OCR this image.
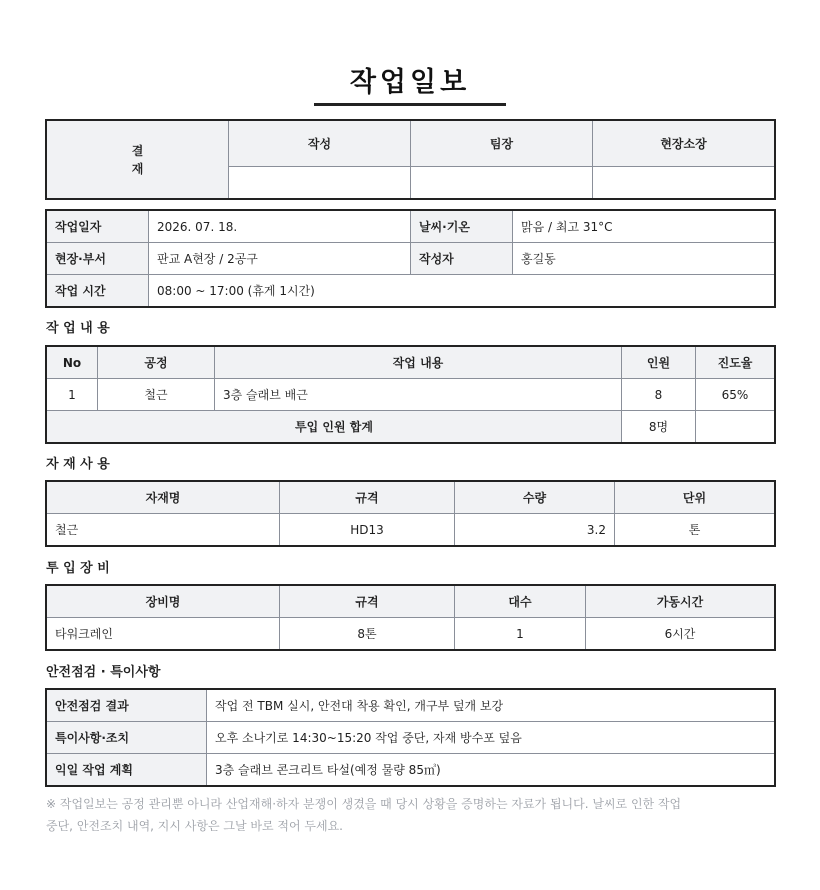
작업일보
결
재	작성	팀장	현장소장

작업일자	2026. 07. 18.	날씨·기온	맑음 / 최고 31°C
현장·부서	판교 A현장 / 2공구	작성자	홍길동
작업 시간	08:00 ~ 17:00 (휴게 1시간)		
작 업 내 용
No	공정	작업 내용	인원	진도율
1	철근	3층 슬래브 배근	8	65%
투입 인원 합계			8명	
자 재 사 용
자재명	규격	수량	단위
철근	HD13	3.2	톤
투 입 장 비
장비명	규격	대수	가동시간
타워크레인	8톤	1	6시간
안전점검 · 특이사항
안전점검 결과	작업 전 TBM 실시, 안전대 착용 확인, 개구부 덮개 보강
특이사항·조치	오후 소나기로 14:30~15:20 작업 중단, 자재 방수포 덮음
익일 작업 계획	3층 슬래브 콘크리트 타설(예정 물량 85㎥)
※ 작업일보는 공정 관리뿐 아니라 산업재해·하자 분쟁이 생겼을 때 당시 상황을 증명하는 자료가 됩니다. 날씨로 인한 작업 중단, 안전조치 내역, 지시 사항은 그날 바로 적어 두세요.
